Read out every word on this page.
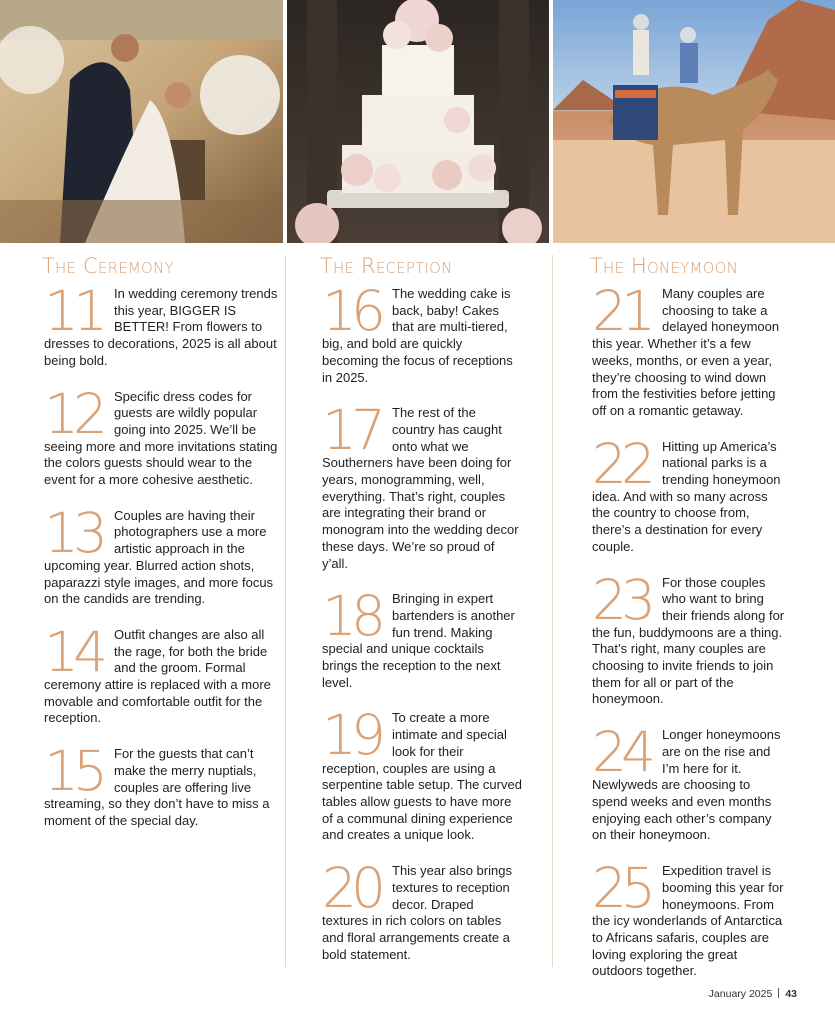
The Ceremony
11 In wedding ceremony trends this year, BIGGER IS BETTER! From flowers to dresses to decorations, 2025 is all about being bold.
12 Specific dress codes for guests are wildly popular going into 2025. We’ll be seeing more and more invitations stating the colors guests should wear to the event for a more cohesive aesthetic.
13 Couples are having their photographers use a more artistic approach in the upcoming year. Blurred action shots, paparazzi style images, and more focus on the candids are trending.
14 Outfit changes are also all the rage, for both the bride and the groom. Formal ceremony attire is replaced with a more movable and comfortable outfit for the reception.
15 For the guests that can’t make the merry nuptials, couples are offering live streaming, so they don’t have to miss a moment of the special day.
The Reception
16 The wedding cake is back, baby! Cakes that are multi-tiered, big, and bold are quickly becoming the focus of receptions in 2025.
17 The rest of the country has caught onto what we Southerners have been doing for years, monogramming, well, everything. That’s right, couples are integrating their brand or monogram into the wedding decor these days. We’re so proud of y’all.
18 Bringing in expert bartenders is another fun trend. Making special and unique cocktails brings the reception to the next level.
19 To create a more intimate and special look for their reception, couples are using a serpentine table setup. The curved tables allow guests to have more of a communal dining experience and creates a unique look.
20 This year also brings textures to reception decor. Draped textures in rich colors on tables and floral arrangements create a bold statement.
The Honeymoon
21 Many couples are choosing to take a delayed honeymoon this year. Whether it’s a few weeks, months, or even a year, they’re choosing to wind down from the festivities before jetting off on a romantic getaway.
22 Hitting up America’s national parks is a trending honeymoon idea. And with so many across the country to choose from, there’s a destination for every couple.
23 For those couples who want to bring their friends along for the fun, buddymoons are a thing. That’s right, many couples are choosing to invite friends to join them for all or part of the honeymoon.
24 Longer honeymoons are on the rise and I’m here for it. Newlyweds are choosing to spend weeks and even months enjoying each other’s company on their honeymoon.
25 Expedition travel is booming this year for honeymoons. From the icy wonderlands of Antarctica to Africans safaris, couples are loving exploring the great outdoors together.
January 2025 43
